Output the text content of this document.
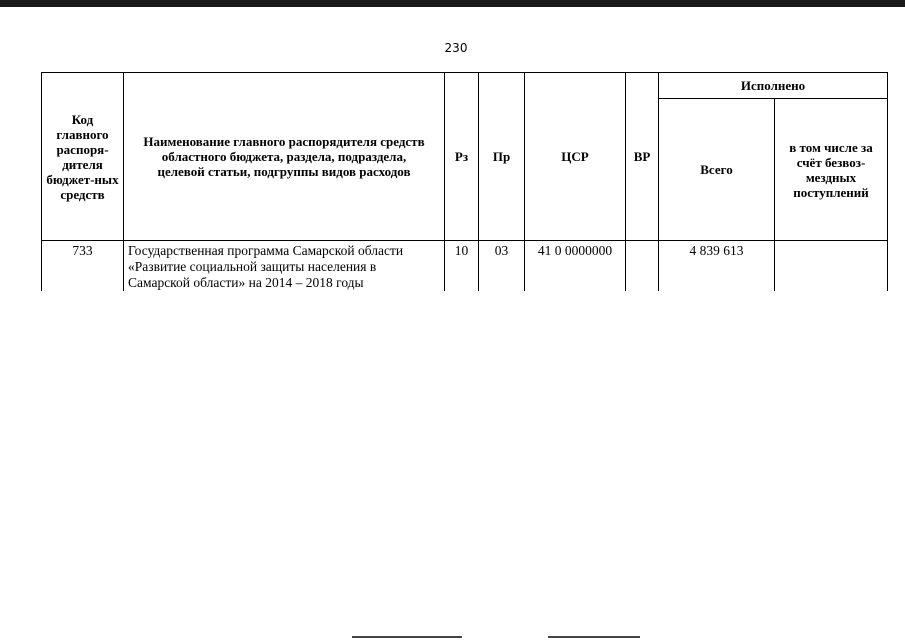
230
Код главного распоря-дителя бюджет-ных средств	Наименование главного распорядителя средств областного бюджета, раздела, подраздела, целевой статьи, подгруппы видов расходов	Рз	Пр	ЦСР	ВР	Исполнено	
						Всего	в том числе за счёт безвоз-мездных поступлений
733	Государственная программа Самарской области «Развитие социальной защиты населения в Самарской области» на 2014 – 2018 годы	10	03	41 0 0000000		4 839 613	
